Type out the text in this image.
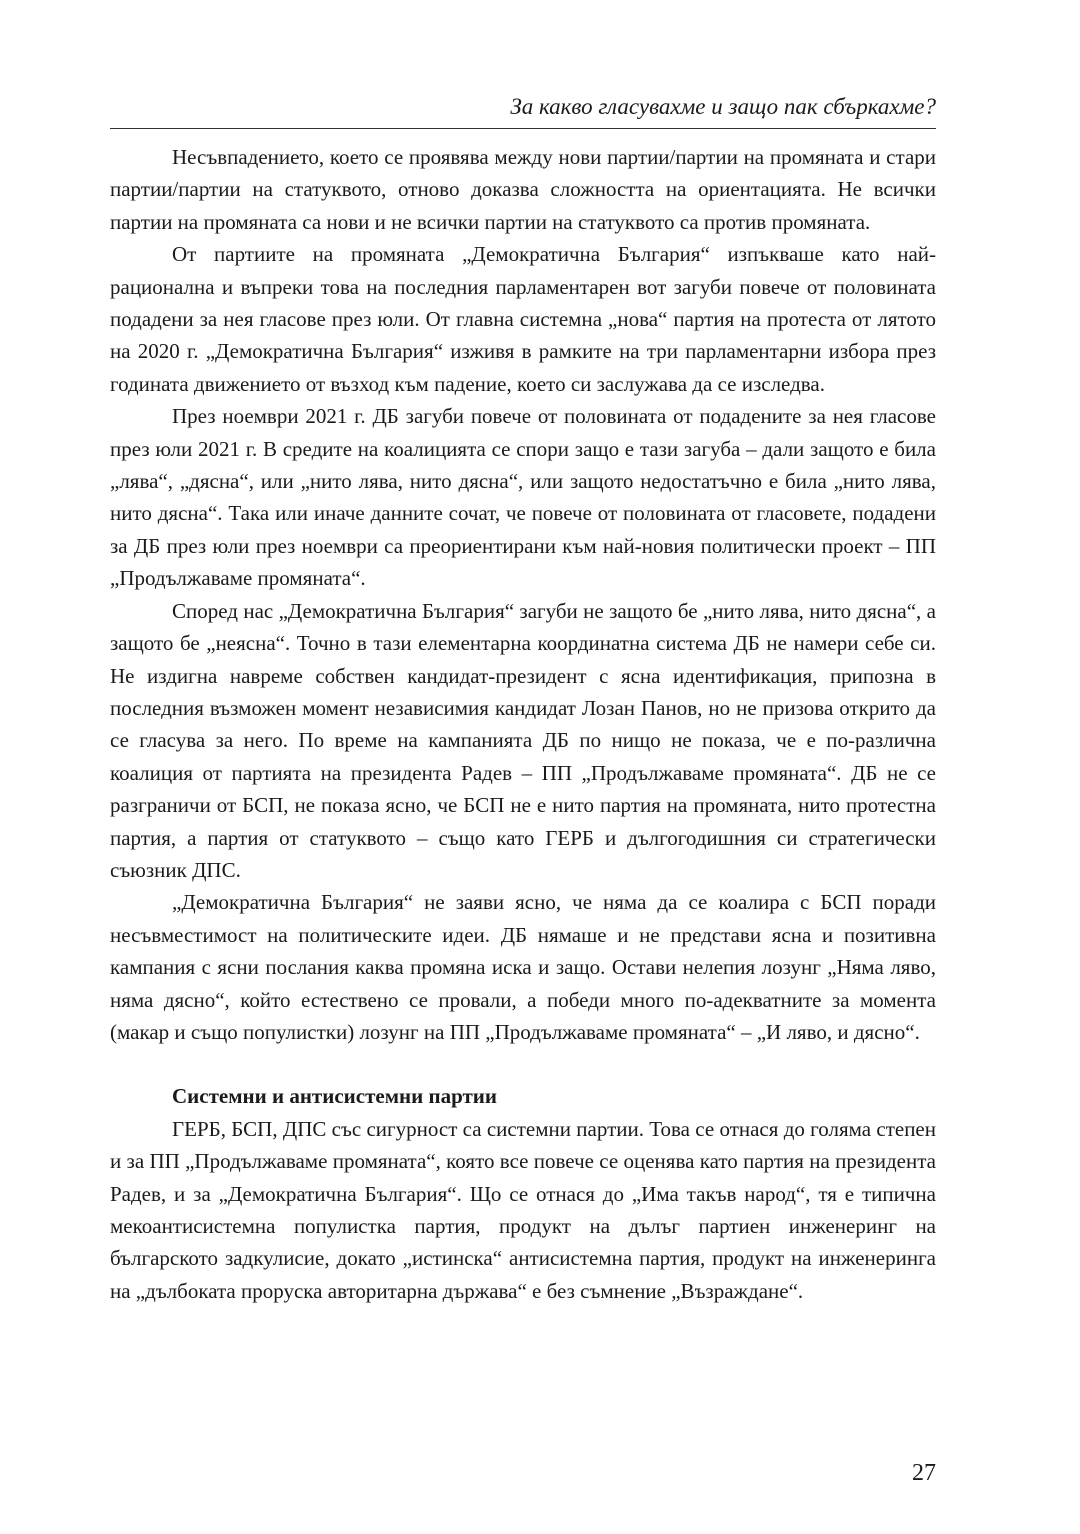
За какво гласувахме и защо пак сбъркахме?

Несъвпадението, което се проявява между нови партии/партии на промяната и стари партии/партии на статуквото, отново доказва сложността на ориентацията. Не всички партии на промяната са нови и не всички партии на статуквото са против промяната.

От партиите на промяната „Демократична България“ изпъкваше като най-рационална и въпреки това на последния парламентарен вот загуби повече от половината подадени за нея гласове през юли. От главна системна „нова“ партия на протеста от лятото на 2020 г. „Демократична България“ изживя в рамките на три парламентарни избора през годината движението от възход към падение, което си заслужава да се изследва.

През ноември 2021 г. ДБ загуби повече от половината от подадените за нея гласове през юли 2021 г. В средите на коалицията се спори защо е тази загуба – дали защото е била „лява“, „дясна“, или „нито лява, нито дясна“, или защото недостатъчно е била „нито лява, нито дясна“. Така или иначе данните сочат, че повече от половината от гласовете, подадени за ДБ през юли през ноември са преориентирани към най-новия политически проект – ПП „Продължаваме промяната“.

Според нас „Демократична България“ загуби не защото бе „нито лява, нито дясна“, а защото бе „неясна“. Точно в тази елементарна координатна система ДБ не намери себе си. Не издигна навреме собствен кандидат-президент с ясна идентификация, припозна в последния възможен момент независимия кандидат Лозан Панов, но не призова открито да се гласува за него. По време на кампанията ДБ по нищо не показа, че е по-различна коалиция от партията на президента Радев – ПП „Продължаваме промяната“. ДБ не се разграничи от БСП, не показа ясно, че БСП не е нито партия на промяната, нито протестна партия, а партия от статуквото – също като ГЕРБ и дългогодишния си стратегически съюзник ДПС.

„Демократична България“ не заяви ясно, че няма да се коалира с БСП поради несъвместимост на политическите идеи. ДБ нямаше и не представи ясна и позитивна кампания с ясни послания каква промяна иска и защо. Остави нелепия лозунг „Няма ляво, няма дясно“, който естествено се провали, а победи много по-адекватните за момента (макар и също популистки) лозунг на ПП „Продължаваме промяната“ – „И ляво, и дясно“.

Системни и антисистемни партии

ГЕРБ, БСП, ДПС със сигурност са системни партии. Това се отнася до голяма степен и за ПП „Продължаваме промяната“, която все повече се оценява като партия на президента Радев, и за „Демократична България“. Що се отнася до „Има такъв народ“, тя е типична мекоантисистемна популистка партия, продукт на дълъг партиен инженеринг на българското задкулисие, докато „истинска“ антисистемна партия, продукт на инженеринга на „дълбоката проруска авторитарна държава“ е без съмнение „Възраждане“.

27
